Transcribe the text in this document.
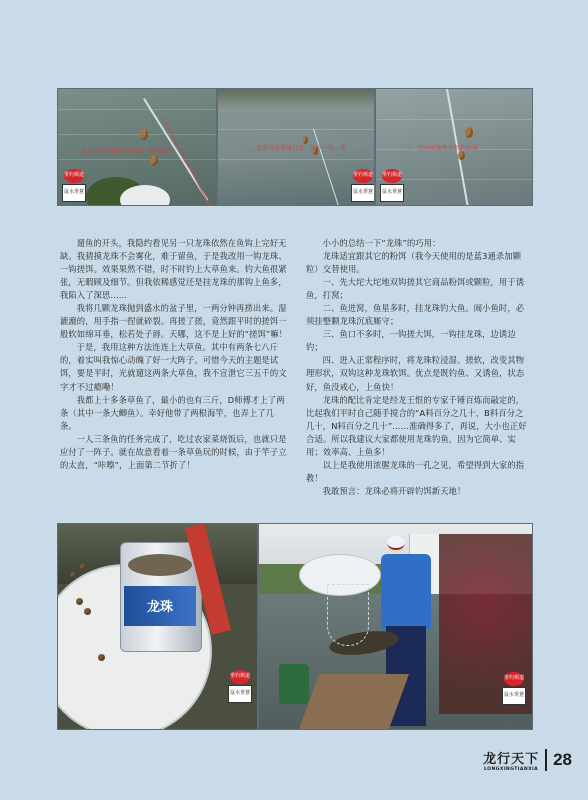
一、鱼情先钓外围龙珠出饵，龙珠出鱼
垂钓频道
鼠水垂薏
二、龙珠可以诱鱼打窝，鱼小一钩一珠
垂钓频道
鼠水垂薏
三、钓外围龙珠出饵的效果
垂钓频道
鼠水垂薏

遛鱼的开头，我隐约看见另一只龙珠依然在鱼钩上完好无缺。我猜摸龙珠不会雾化，难于留鱼，于是我改用一钩龙珠、一钩搓饵。效果果然不错，时不时钓上大草鱼来。钓大鱼很紧张，无暇顾及细节。但我依稀感觉还是挂龙珠的那钩上鱼多，我陷入了深思……

我将几颗龙珠抛到盛水的盆子里，一两分钟再捞出来。湿漉漉的，用手指一捏就碎裂。再搓了搓，竟然跟平时的搓饵一般软如绵耳垂，松若处子唇。天哪，这不是上好的“搓饵”嘛！

于是，我用这种方法连连上大草鱼。其中有两条七八斤的，着实叫我惊心动魄了好一大阵子。可惜今天的主题是试饵，要是平时，光就遛这两条大草鱼，我不宣泄它三五千的文字才不过瘾嘞！

我都上十多条草鱼了，最小的也有三斤，D师傅才上了两条（其中一条大鲫鱼）。幸好他带了两根海竿，也弄上了几条。

一人三条鱼的任务完成了，吃过农家菜烧饭后，也就只是应付了一阵子。就在故意看着一条草鱼玩的时候，由于竿子立的太直，“咔嚓”，上面第二节折了！

小小的总结一下“龙珠”的巧用：

龙珠适宜跟其它的粉饵（我今天使用的是蓝3通杀加颗粒）交替使用。

一、先大坨大坨地双钩搓其它商品粉饵或颗粒，用于诱鱼，打窝；

二、鱼进窝，鱼星多时，挂龙珠钓大鱼。闹小鱼时，必须挂整颗龙珠沉底厮守；

三、鱼口不多时，一钩搓大饵，一钩挂龙珠，边诱边钓；

四、进入正常程序时，将龙珠粒浸湿、搓软，改变其物理形状，双钩这种龙珠软饵。优点是既钓鱼、又诱鱼，状态好，鱼没戒心，上鱼快！

龙珠的配比肯定是经龙王恨的专家千锤百炼而敲定的，比起我们平时自己随手搅合的“A料百分之几十，B料百分之几十，N料百分之几十”……准确得多了，再说，大小也正好合适。所以我建议大家都使用龙珠钓鱼，因为它简单、实用；效率高、上鱼多！

以上是我使用浓腥龙珠的一孔之见，希望得到大家的指教！

我敢预言：龙珠必将开辟钓饵新天地！

龙珠
垂钓频道
鼠水垂薏
垂钓频道
鼠水垂薏
龙行天下
LONGXINGTIANXIA
28
